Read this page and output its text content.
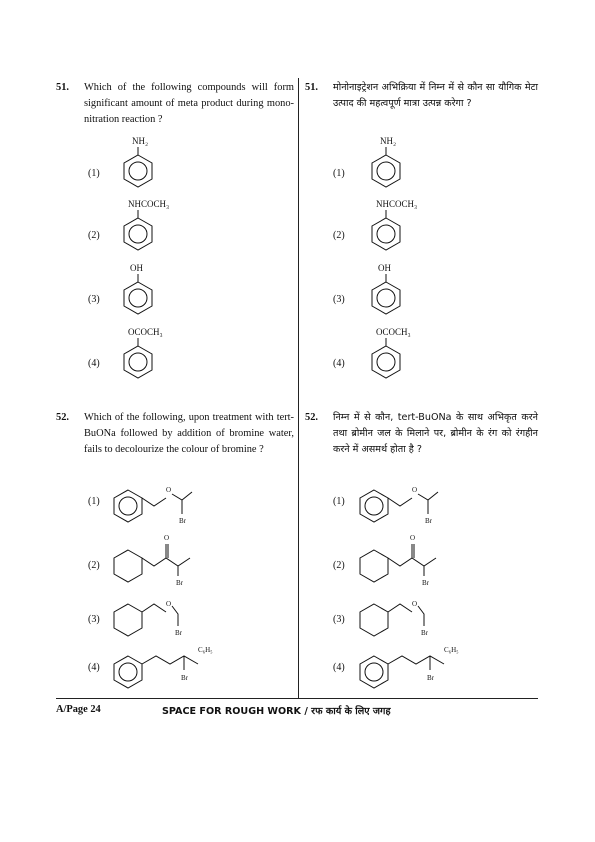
51. Which of the following compounds will form significant amount of meta product during mono-nitration reaction ?
51. मोनोनाइट्रेशन अभिक्रिया में निम्न में से कौन सा यौगिक मेटा उत्पाद की महत्वपूर्ण मात्रा उत्पन्न करेगा ?
(1)
NH₂
(2)
NHCOCH₃
(3)
OH
(4)
OCOCH₃
(1)
NH₂
(2)
NHCOCH₃
(3)
OH
(4)
OCOCH₃
52. Which of the following, upon treatment with tert-BuONa followed by addition of bromine water, fails to decolourize the colour of bromine ?
52. निम्न में से कौन, tert-BuONa के साथ अभिकृत करने तथा ब्रोमीन जल के मिलाने पर, ब्रोमीन के रंग को रंगहीन करने में असमर्थ होता है ?
(1)
O
Br
(2)
O
Br
(3)
O
Br
(4)
C₆H₅
Br
(1)
O
Br
(2)
O
Br
(3)
O
Br
(4)
C₆H₅
Br
A/Page 24	SPACE FOR ROUGH WORK / रफ कार्य के लिए जगह
